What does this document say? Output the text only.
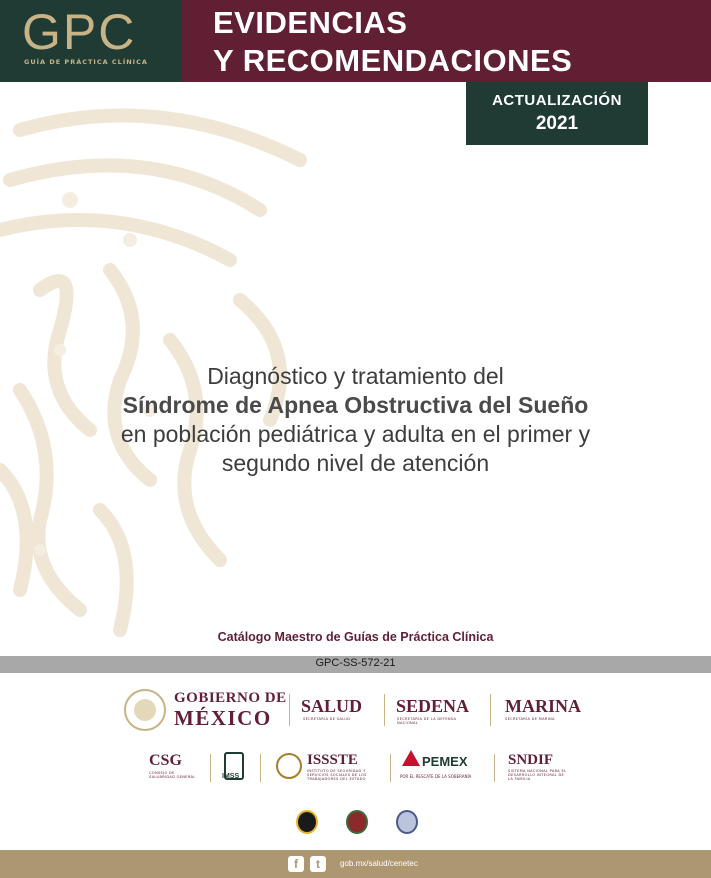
GPC
GUÍA DE PRÁCTICA CLÍNICA
EVIDENCIAS
Y RECOMENDACIONES
ACTUALIZACIÓN
2021
Diagnóstico y tratamiento del
Síndrome de Apnea Obstructiva del Sueño
en población pediátrica y adulta en el primer y
segundo nivel de atención
Catálogo Maestro de Guías de Práctica Clínica
GPC-SS-572-21
GOBIERNO DE
MÉXICO	SALUD
SECRETARÍA DE SALUD
SEDENA
SECRETARÍA DE LA DEFENSA NACIONAL
MARINA
SECRETARÍA DE MARINA
CSG
CONSEJO DE SALUBRIDAD GENERAL	IMSS
ISSSTE
INSTITUTO DE SEGURIDAD Y SERVICIOS SOCIALES DE LOS TRABAJADORES DEL ESTADO
PEMEX
POR EL RESCATE DE LA SOBERANÍA
SNDIF
SISTEMA NACIONAL PARA EL DESARROLLO INTEGRAL DE LA FAMILIA
f	t	gob.mx/salud/cenetec
